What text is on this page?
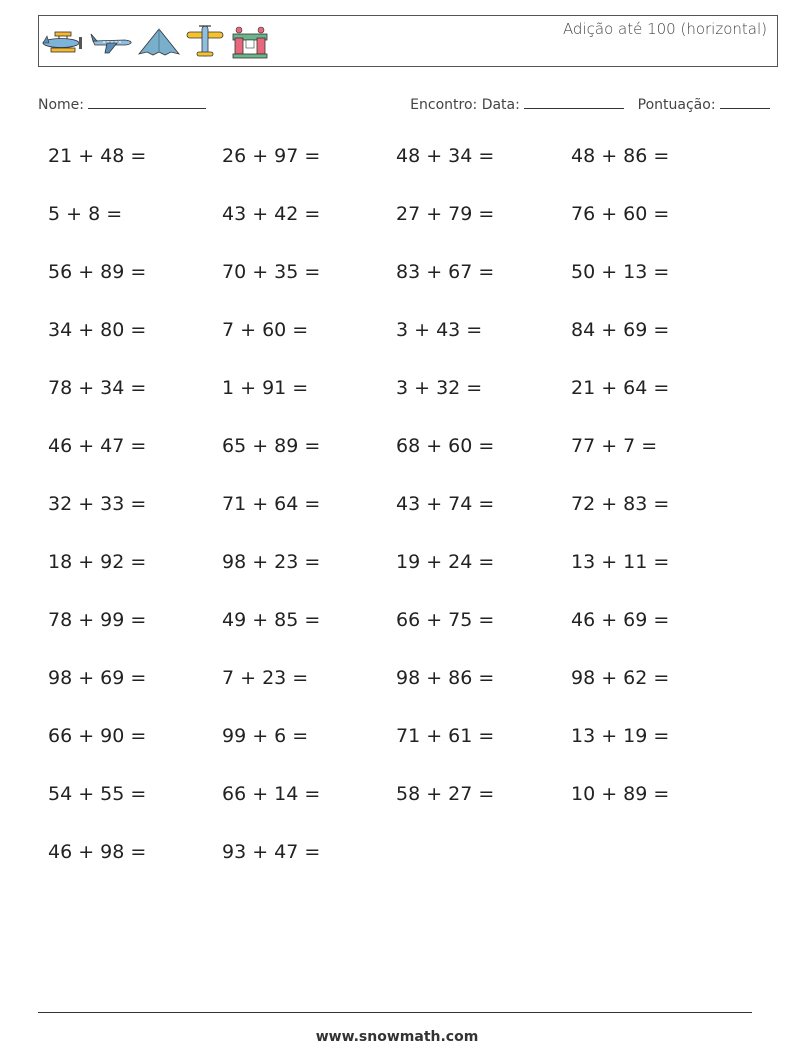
Adição até 100 (horizontal)
Nome:	Encontro: Data:	Pontuação:
21 + 48 =	26 + 97 =	48 + 34 =	48 + 86 =
5 + 8 =	43 + 42 =	27 + 79 =	76 + 60 =
56 + 89 =	70 + 35 =	83 + 67 =	50 + 13 =
34 + 80 =	7 + 60 =	3 + 43 =	84 + 69 =
78 + 34 =	1 + 91 =	3 + 32 =	21 + 64 =
46 + 47 =	65 + 89 =	68 + 60 =	77 + 7 =
32 + 33 =	71 + 64 =	43 + 74 =	72 + 83 =
18 + 92 =	98 + 23 =	19 + 24 =	13 + 11 =
78 + 99 =	49 + 85 =	66 + 75 =	46 + 69 =
98 + 69 =	7 + 23 =	98 + 86 =	98 + 62 =
66 + 90 =	99 + 6 =	71 + 61 =	13 + 19 =
54 + 55 =	66 + 14 =	58 + 27 =	10 + 89 =
46 + 98 =	93 + 47 =
www.snowmath.com
